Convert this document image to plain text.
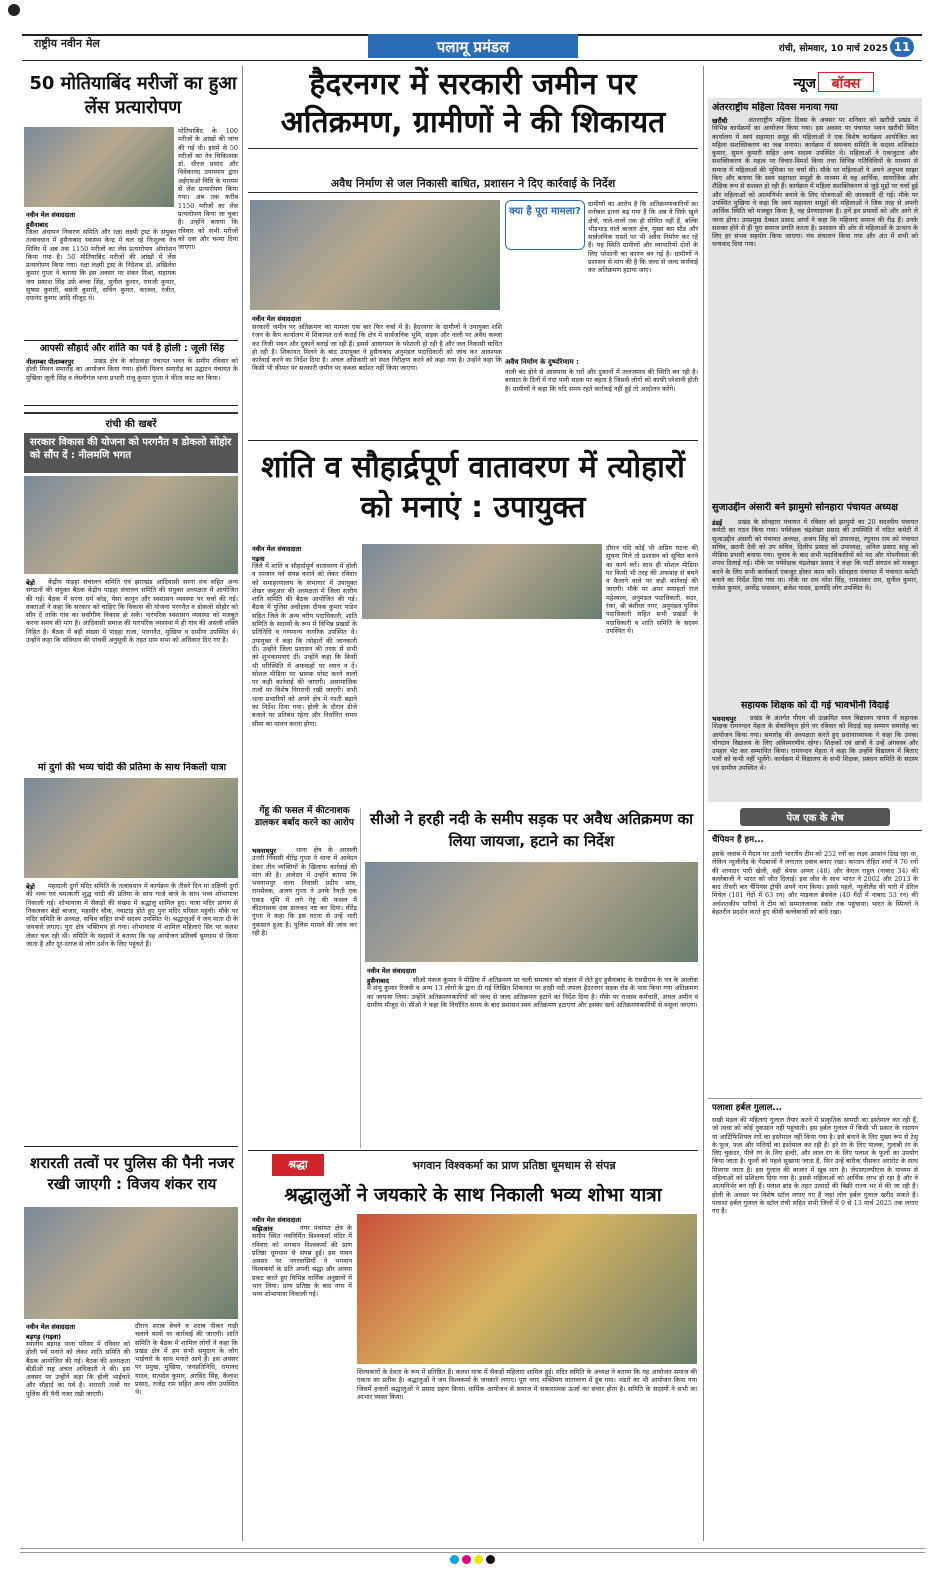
राष्ट्रीय नवीन मेल	पलामू प्रमंडल	रांची, सोमवार, 10 मार्च 2025 11
50 मोतियाबिंद मरीजों का हुआ लेंस प्रत्यारोपण
मोतियाबिंद के 100 मरीजों के आंखों की जांच की गई थी। इसमें से 50 मरीजों का नेत्र चिकित्सक डॉ. धीरज प्रसाद और विवेकानंद उपाध्याय द्वारा अईएसओ विधि के माध्यम से लेंस प्रत्यारोपण किया गया। अब तक करीब 1150 मरीजों का लेंस प्रत्यारोपण किया जा चुका है। उन्होंने बताया कि रविवार को सभी मरीजों को दवा और चश्मा दिया जाएगा।
नवीन मेल संवाददाता
हुसैनाबाद
जिला अंधापन निवारण समिति और रक्षा लक्ष्मी ट्रस्ट के संयुक्त तत्वावधान में हुसैनाबाद स्वास्थ्य केन्द्र में चल रहे निःशुल्क नेत्र शिविर में अब तक 1150 मरीजों का लेंस प्रत्यारोपण ऑपरेशन किया गया है। 50 मोतियाबिंद मरीजों की आंखों में लेंस प्रत्यारोपण किया गया। रक्षा लक्ष्मी ट्रस्ट के निदेशक डॉ. अखिलेश कुमार गुप्ता ने बताया कि इस अवसर पर शंकर मिश्रा, सहायक जय प्रकाश सिंह उर्फ बच्चा सिंह, सुनील कुमार, रामजी कुमार, सुषमा कुमारी, बसंती कुमारी, सचिन कुमार, काजल, रंजीत, दयानंद कुमार आदि मौजूद थे।
आपसी सौहार्द और शांति का पर्व है होली : जूली सिंह
नीलाम्बर पीताम्बरपुर	प्रखंड क्षेत्र के कोठवाहा पंचायत भवन के समीप रविवार को होली मिलन समारोह का आयोजन किया गया। होली मिलन समारोह का उद्घाटन पंचायत के मुखिया जूली सिंह व लेस्लीगंज थाना प्रभारी राजू कुमार गुप्ता ने फीता काट कर किया।
रांची की खबरें
सरकार विकास की योजना को परगनैत व डोकलो सोहोर को सौंप दें : नीलमणि भगत
बेड़ो	केंद्रीय पाड़हा संचालन समिति एवं झारखंड आदिवासी सरना मंच सहित अन्य संगठनों की संयुक्त बैठक केंद्रीय पाड़हा संचालन समिति की संयुक्त अध्यक्षता में आयोजित की गई। बैठक में सरना धर्म कोड, पेसा कानून और स्वशासन व्यवस्था पर चर्चा की गई। वक्ताओं ने कहा कि सरकार को चाहिए कि विकास की योजना परगनैत व डोकलो सोहोर को सौंप दें ताकि गांव का सर्वांगीण विकास हो सके। पारंपरिक स्वशासन व्यवस्था को मजबूत करना समय की मांग है। आदिवासी समाज की पारंपरिक व्यवस्था में ही गांव की असली शक्ति निहित है। बैठक में बड़ी संख्या में पाड़हा राजा, पारगनैत, मुखिया व ग्रामीण उपस्थित थे। उन्होंने कहा कि संविधान की पांचवीं अनुसूची के तहत ग्राम सभा को अधिकार दिए गए हैं।
मां दुर्गा की भव्य चांदी की प्रतिमा के साथ निकली यात्रा
बेड़ो	महादानी दुर्गा मंदिर समिति के तत्वावधान में कार्यक्रम के तीसरे दिन मां दक्षिणी दुर्गा की भव्य एवं चमत्कारी शुद्ध चांदी की प्रतिमा के साथ गाजे बाजे के साथ भव्य शोभायात्रा निकाली गई। शोभायात्रा में सैकड़ों की संख्या में श्रद्धालु शामिल हुए। यात्रा मंदिर प्रांगण से निकलकर बेड़ो बाजार, महावीर चौक, नवाटांड़ होते हुए पुनः मंदिर परिसर पहुंची। मौके पर मंदिर समिति के अध्यक्ष, सचिव सहित सभी सदस्य उपस्थित थे। श्रद्धालुओं ने जय माता दी के जयकारे लगाए। पूरा क्षेत्र भक्तिमय हो गया। शोभायात्रा में शामिल महिलाएं सिर पर कलश लेकर चल रही थीं। समिति के सदस्यों ने बताया कि यह आयोजन प्रतिवर्ष धूमधाम से किया जाता है और दूर-दराज से लोग दर्शन के लिए पहुंचते हैं।
शरारती तत्वों पर पुलिस की पैनी नजर रखी जाएगी : विजय शंकर राय
नवीन मेल संवाददाता
बड़गड़ (गढ़वा)
स्थानीय बड़गड़ थाना परिसर में रविवार को होली पर्व मनाने को लेकर शांति समिति की बैठक आयोजित की गई। बैठक की अध्यक्षता बीडीओ सह अंचल अधिकारी ने की। इस अवसर पर उन्होंने कहा कि होली भाईचारे और सौहार्द का पर्व है। शरारती तत्वों पर पुलिस की पैनी नजर रखी जाएगी।
दौरान शराब बेचने व शराब पीकर गाड़ी चलाने वालों पर कार्रवाई की जाएगी। शांति समिति के बैठक में शामिल लोगों ने कहा कि प्रखंड क्षेत्र में हम सभी समुदाय के लोग भाईचारे के साथ मनाते आये हैं। इस अवसर पर प्रमुख, मुखिया, जनप्रतिनिधि, रामानंद यादव, सत्यदेव कुमार, अरविंद सिंह, कैलाश प्रसाद, राजेंद्र राम सहित अन्य लोग उपस्थित थे।
हैदरनगर में सरकारी जमीन पर अतिक्रमण, ग्रामीणों ने की शिकायत
अवैध निर्माण से जल निकासी बाधित, प्रशासन ने दिए कार्रवाई के निर्देश
क्या है पूरा मामला?
ग्रामीणों का आरोप है कि अतिक्रमणकारियों का मनोबल इतना बढ़ गया है कि अब वे सिर्फ खुले क्षेत्रों, नाले-नालों तक ही सीमित नहीं हैं, बल्कि भीड़भाड़ वाले बाजार क्षेत्र, मुख्य बस स्टैंड और सार्वजनिक रास्तों पर भी अवैध निर्माण कर रहे हैं। यह स्थिति ग्रामीणों और व्यापारियों दोनों के लिए परेशानी का कारण बन गई है। ग्रामीणों ने प्रशासन से मांग की है कि जल्द से जल्द कार्रवाई कर अतिक्रमण हटाया जाए।
नवीन मेल संवाददाता
सरकारी जमीन पर अतिक्रमण का मामला एक बार फिर चर्चा में है। हैदरनगर के ग्रामीणों ने उपायुक्त शशि रंजन के कैंप कार्यालय में शिकायत दर्ज कराई कि क्षेत्र में सार्वजनिक भूमि, सड़क और नाली पर अवैध कब्जा कर निजी भवन और दुकानें बनाई जा रही हैं। इससे आवागमन के परेशानी हो रही है और जल निकासी बाधित हो रही है। शिकायत मिलने के बाद उपायुक्त ने हुसैनाबाद अनुमंडल पदाधिकारी को जांच कर आवश्यक कार्रवाई करने का निर्देश दिया है। अंचल अधिकारी को स्थल निरीक्षण करने को कहा गया है। उन्होंने कहा कि किसी भी कीमत पर सरकारी जमीन पर कब्जा बर्दाश्त नहीं किया जाएगा।
अवैध निर्माण के दुष्परिणाम :
नाली बंद होने से आसपास के घरों और दुकानों में जलजमाव की स्थिति बन रही है। बरसात के दिनों में गंदा पानी सड़क पर बहता है जिससे लोगों को काफी परेशानी होती है। ग्रामीणों ने कहा कि यदि समय रहते कार्रवाई नहीं हुई तो आंदोलन करेंगे।
शांति व सौहार्द्रपूर्ण वातावरण में त्योहारों को मनाएं : उपायुक्त
नवीन मेल संवाददाता
गढ़वा
जिले में शांति व सौहार्दपूर्ण वातावरण में होली व रमजान पर्व संपन्न कराने को लेकर रविवार को समाहरणालय के सभागार में उपायुक्त शेखर जमुआर की अध्यक्षता में जिला स्तरीय शांति समिति की बैठक आयोजित की गई। बैठक में पुलिस अधीक्षक दीपक कुमार पांडेय सहित जिले के अन्य वरीय पदाधिकारी, शांति समिति के सदस्यों के रूप में विभिन्न प्रखंडों के प्रतिनिधि व गणमान्य नागरिक उपस्थित थे। उपायुक्त ने कहा कि त्योहारों की जानकारी दी। उन्होंने जिला प्रशासन की तरफ से सभी को शुभकामनाएं दीं। उन्होंने कहा कि किसी भी परिस्थिति में अफवाहों पर ध्यान न दें। सोशल मीडिया पर भ्रामक पोस्ट करने वालों पर कड़ी कार्रवाई की जाएगी। असामाजिक तत्वों पर विशेष निगरानी रखी जाएगी। सभी थाना प्रभारियों को अपने क्षेत्र में गश्ती बढ़ाने का निर्देश दिया गया। होली के दौरान डीजे बजाने पर प्रतिबंध रहेगा और निर्धारित समय सीमा का पालन करना होगा।
दौरान यदि कोई भी अप्रिय घटना की सूचना मिले तो प्रशासन को सूचित करने का कार्य करें। साथ ही सोशल मीडिया पर किसी भी तरह की अफवाह से बचने व फैलाने वाले पर कड़ी कार्रवाई की जाएगी। मौके पर अपर समाहर्ता राज महेश्वरम, अनुमंडल पदाधिकारी, सदर, रंका, श्री बंशीधर नगर, अनुमंडल पुलिस पदाधिकारी सहित सभी प्रखंडों के पदाधिकारी व शांति समिति के सदस्य उपस्थित थे।
गेंहू की फसल में कीटनाशक डालकर बर्बाद करने का आरोप
भवनाथपुर	थाना क्षेत्र के अरसली उत्तरी निवासी वीरेंद्र गुप्ता ने थाना में आवेदन देकर तीन व्यक्तियों के खिलाफ कार्रवाई की मांग की है। आवेदन में उन्होंने बताया कि भवनाथपुर थाना निवासी प्रदीप साव, रामसेवक, अजय गुप्ता ने उनके रैयती एक एकड़ भूमि में लगे गेहूं की फसल में कीटनाशक दवा डालकर नष्ट कर दिया। वीरेंद्र गुप्ता ने कहा कि इस घटना से उन्हें भारी नुकसान हुआ है। पुलिस मामले की जांच कर रही है।
सीओ ने हरही नदी के समीप सड़क पर अवैध अतिक्रमण का लिया जायजा, हटाने का निर्देश
नवीन मेल संवाददाता
हुसैनाबाद	सीओ पंकज कुमार ने मीडिया में अतिक्रमण पर चली समाचार को संज्ञान में लेते हुए हुसैनाबाद के एसडीएम के पत्र के आलोक में शंभु कुमार रिजवी व अन्य 13 लोगों के द्वारा दी गई लिखित शिकायत पर हरही नदी जपला हैदरनगर सड़क रोड के पास किया गया अतिक्रमण का जायजा लिया। उन्होंने अतिक्रमणकारियों को जल्द से जल्द अतिक्रमण हटाने का निर्देश दिया है। मौके पर राजस्व कर्मचारी, अंचल अमीन व ग्रामीण मौजूद थे। सीओ ने कहा कि निर्धारित समय के बाद प्रशासन स्वयं अतिक्रमण हटाएगा और इसका खर्च अतिक्रमणकारियों से वसूला जाएगा।
श्रद्धा	भगवान विश्वकर्मा का प्राण प्रतिष्ठा धूमधाम से संपन्न
श्रद्धालुओं ने जयकारे के साथ निकाली भव्य शोभा यात्रा
नवीन मेल संवाददाता
मझिआंव	नगर पंचायत क्षेत्र के समीप स्थित नवनिर्मित विश्वकर्मा मंदिर में रविवार को भगवान विश्वकर्मा की प्राण प्रतिष्ठा धूमधाम से संपन्न हुई। इस पावन अवसर पर नगरवासियों ने भगवान विश्वकर्मा के प्रति अपनी श्रद्धा और आस्था प्रकट करते हुए विभिन्न धार्मिक अनुष्ठानों में भाग लिया। प्राण प्रतिष्ठा के बाद नगर में भव्य शोभायात्रा निकाली गई।
शिल्पकारों के देवता के रूप में प्रतिष्ठित हैं। कलश यात्रा में सैकड़ों महिलाएं शामिल हुईं। मंदिर समिति के अध्यक्ष ने बताया कि यह आयोजन समाज की एकता का प्रतीक है। श्रद्धालुओं ने जय विश्वकर्मा के जयकारे लगाए। पूरा नगर भक्तिमय वातावरण में डूब गया। भंडारे का भी आयोजन किया गया जिसमें हजारों श्रद्धालुओं ने प्रसाद ग्रहण किया। धार्मिक आयोजन से समाज में सकारात्मक ऊर्जा का संचार होता है। समिति के सदस्यों ने सभी का आभार व्यक्त किया।
न्यूज	बॉक्स
अंतरराष्ट्रीय महिला दिवस मनाया गया
खरौंधी	अंतरराष्ट्रीय महिला दिवस के अवसर पर शनिवार को खरौंधी प्रखंड में विभिन्न कार्यक्रमों का आयोजन किया गया। इस अवसर पर पंचायत भवन खरौंधी स्थित कार्यालय में स्वयं सहायता समूह की महिलाओं ने एक विशेष कार्यक्रम आयोजित कर महिला सशक्तिकरण का जश्न मनाया। कार्यक्रम में समन्वय समिति के सदस्य शशिकांत कुमार, सुमन कुमारी सहित अन्य सदस्य उपस्थित थे। महिलाओं ने एकजुटता और सशक्तिकरण के महत्व पर विचार-विमर्श किया तथा विभिन्न गतिविधियों के माध्यम से समाज में महिलाओं की भूमिका पर चर्चा की। मौके पर महिलाओं ने अपने अनुभव साझा किए और बताया कि स्वयं सहायता समूहों के माध्यम से वह आर्थिक, सामाजिक और शैक्षिक रूप से सशक्त हो रही हैं। कार्यक्रम में महिला सशक्तिकरण से जुड़े मुद्दों पर चर्चा हुई और महिलाओं को आत्मनिर्भर बनाने के लिए योजनाओं की जानकारी दी गई। मौके पर उपस्थित मुखिया ने कहा कि स्वयं सहायता समूहों की महिलाओं ने जिस तरह से अपनी आर्थिक स्थिति को मजबूत किया है, वह प्रेरणादायक है। हमें इन प्रयासों को और आगे ले जाना होगा। उपप्रमुख देवव्रत प्रसाद आर्या ने कहा कि महिलाएं समाज की रीढ़ हैं। उनके सशक्त होने से ही पूरा समाज प्रगति करता है। प्रशासन की ओर से महिलाओं के उत्थान के लिए हर संभव सहयोग किया जाएगा। मंच संचालन किया गया और अंत में सभी को धन्यवाद दिया गया।
सुजाउद्दीन अंसारी बने झामुमो सोनहारा पंचायत अध्यक्ष
डंडई	प्रखंड के सोनहारा पंचायत में रविवार को झामुमो का 20 सदस्यीय पंचायत कमेटी का गठन किया गया। पर्यवेक्षक चंद्रशेखर प्रसाद की उपस्थिति में गठित कमेटी में सुजाउद्दीन अंसारी को पंचायत अध्यक्ष, अजय सिंह को उपाध्यक्ष, रघुनाथ राम को पंचायत सचिव, छठनी देवी को उप सचिव, दिलीप प्रसाद को उपाध्यक्ष, अनिल प्रसाद साहू को मीडिया प्रभारी बनाया गया। चुनाव के बाद सभी पदाधिकारियों को पद और गोपनीयता की शपथ दिलाई गई। मौके पर पर्यवेक्षक चंद्रशेखर प्रसाद ने कहा कि पार्टी संगठन को मजबूत करने के लिए सभी कार्यकर्ता एकजुट होकर काम करें। सोनहारा पंचायत में पंचायत कमेटी बनाने का निर्देश दिया गया था। मौके पर राम नरेश सिंह, रामाशंकर राम, सुनील कुमार, राजेश कुमार, अमरेंद्र पासवान, ब्रजेश यादव, इत्यादि लोग उपस्थित थे।
सहायक शिक्षक को दी गई भावभीनी विदाई
भवनाथपुर	प्रखंड के अंतर्गत पीएम श्री उत्क्रमित मध्य विद्यालय पापरा में सहायक शिक्षक रामनन्दन मेहता के सेवानिवृत्त होने पर रविवार को विदाई सह सम्मान समारोह का आयोजन किया गया। समारोह की अध्यक्षता करते हुए प्रधानाध्यापक ने कहा कि उनका योगदान विद्यालय के लिए अविस्मरणीय रहेगा। शिक्षकों एवं छात्रों ने उन्हें अंगवस्त्र और उपहार भेंट कर सम्मानित किया। रामनन्दन मेहता ने कहा कि उन्होंने विद्यालय में बिताए पलों को कभी नहीं भूलेंगे। कार्यक्रम में विद्यालय के सभी शिक्षक, प्रबंधन समिति के सदस्य एवं ग्रामीण उपस्थित थे।
पेज एक के शेष
चैंपियन हैं हम...
इसके जवाब में मैदान पर उतरी भारतीय टीम को 252 रनों का लक्ष्य आसान दिख रहा था, लेकिन न्यूजीलैंड के गेंदबाजों ने लगातार दबाव बनाए रखा। कप्तान रोहित शर्मा ने 76 रनों की शानदार पारी खेली, वहीं श्रेयस अय्यर (48) और केएल राहुल (नाबाद 34) की बल्लेबाजी ने भारत को जीत दिलाई। इस जीत के साथ भारत ने 2002 और 2013 के बाद तीसरी बार चैंपियंस ट्रॉफी अपने नाम किया। इससे पहले, न्यूजीलैंड की पारी में डेरिल मिचेल (101 गेंदों में 63 रन) और माइकल ब्रेसवेल (40 गेंदों में नाबाद 53 रन) की अर्धशतकीय पारियों ने टीम को सम्मानजनक स्कोर तक पहुंचाया। भारत के स्पिनरों ने बेहतरीन प्रदर्शन करते हुए कीवी बल्लेबाजों को बांधे रखा।
पलाशा हर्बल गुलाल...
सखी मंडल की महिलाएं गुलाल तैयार करने में प्राकृतिक सामग्री का इस्तेमाल कर रही हैं, जो त्वचा को कोई नुकसान नहीं पहुंचाती। इस हर्बल गुलाल में किसी भी प्रकार के रसायन या आर्टिफिशियल रंगों का इस्तेमाल नहीं किया गया है। इसे बनाने के लिए मुख्य रूप से टेसू के फूल, फल और पत्तियों का इस्तेमाल कर रही हैं। हरे रंग के लिए पालक, गुलाबी रंग के लिए चुकंदर, पीले रंग के लिए हल्दी, और लाल रंग के लिए पलाश के फूलों का उपयोग किया जाता है। फूलों को पहले सुखाया जाता है, फिर उन्हें बारीक पीसकर अरारोट के साथ मिलाया जाता है। इस गुलाल की बाजार में खूब मांग है। जेएसएलपीएस के माध्यम से महिलाओं को प्रशिक्षण दिया गया है। इससे महिलाओं को आर्थिक लाभ हो रहा है और वे आत्मनिर्भर बन रही हैं। पलाश ब्रांड के तहत उत्पादों की बिक्री राज्य भर में की जा रही है। होली के अवसर पर विशेष स्टॉल लगाए गए हैं जहां लोग हर्बल गुलाल खरीद सकते हैं। पलाशा हर्बल गुलाल के स्टॉल रांची सहित सभी जिलों में 9 से 13 मार्च 2025 तक लगाए गए हैं।
